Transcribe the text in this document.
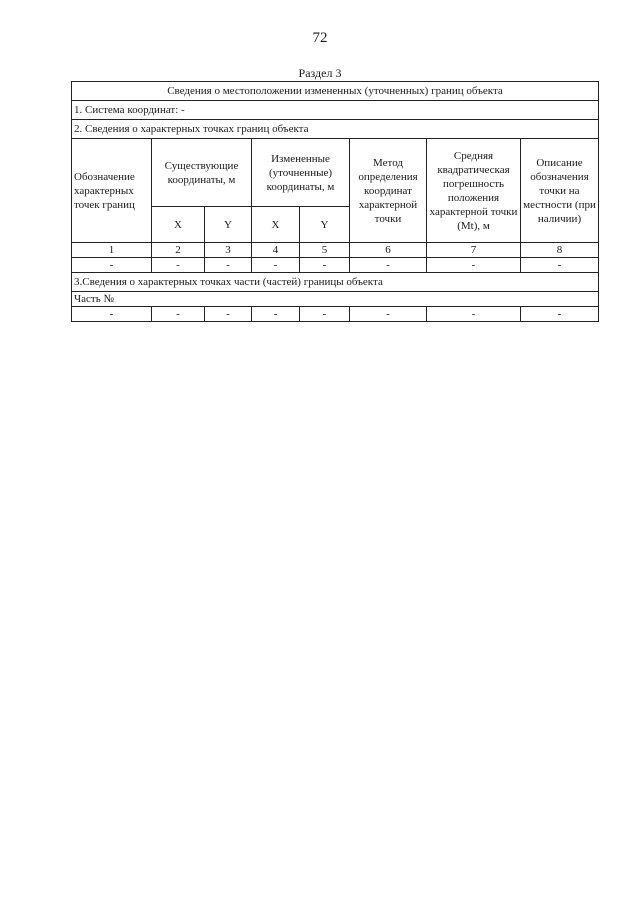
72
Раздел 3
Сведения о местоположении измененных (уточненных) границ объекта							
1. Система координат: -							
2. Сведения о характерных точках границ объекта							
Обозначение характерных точек границ	Существующие координаты, м		Измененные (уточненные) координаты, м		Метод определения координат характерной точки	Средняя квадратическая погрешность положения характерной точки (Mt), м	Описание обозначения точки на местности (при наличии)
	X	Y	X	Y			
1	2	3	4	5	6	7	8
-	-	-	-	-	-	-	-
3.Сведения о характерных точках части (частей) границы объекта							
Часть №							
-	-	-	-	-	-	-	-
